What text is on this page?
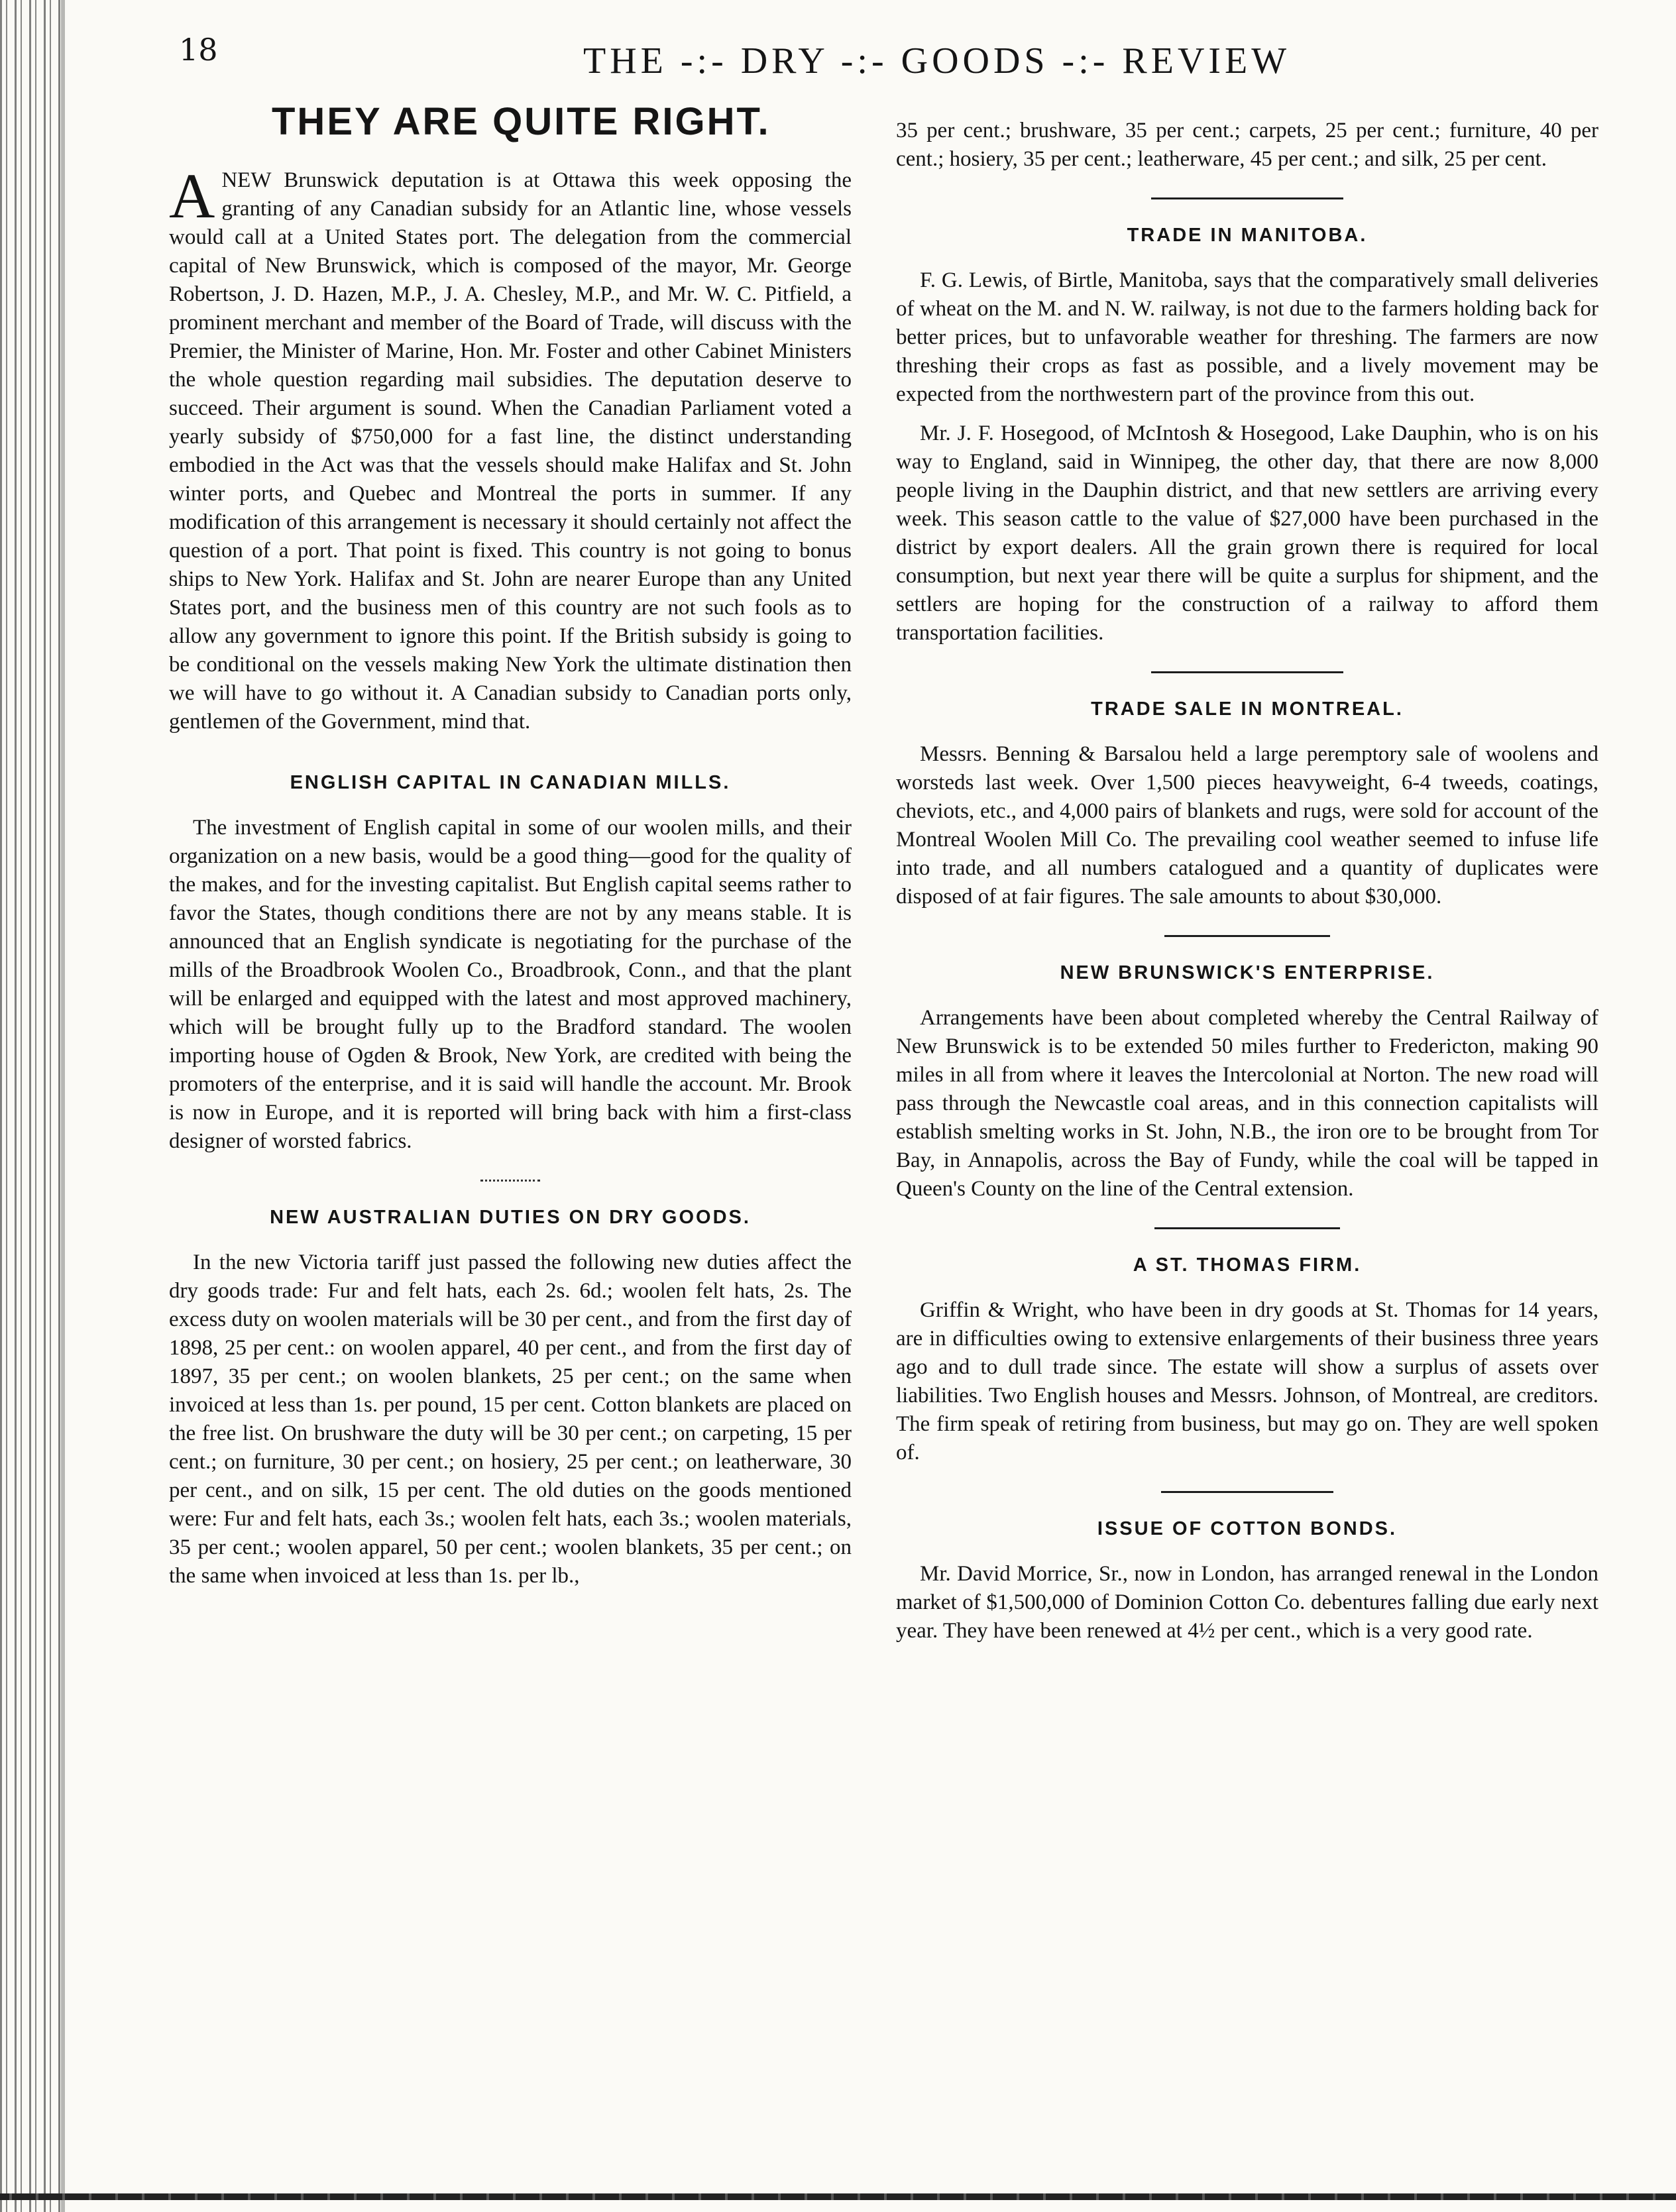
18	THE -:- DRY -:- GOODS -:- REVIEW
THEY ARE QUITE RIGHT.

A NEW Brunswick deputation is at Ottawa this week opposing the granting of any Canadian subsidy for an Atlantic line, whose vessels would call at a United States port. The delegation from the commercial capital of New Brunswick, which is composed of the mayor, Mr. George Robertson, J. D. Hazen, M.P., J. A. Chesley, M.P., and Mr. W. C. Pitfield, a prominent merchant and member of the Board of Trade, will discuss with the Premier, the Minister of Marine, Hon. Mr. Foster and other Cabinet Ministers the whole question regarding mail subsidies. The deputation deserve to succeed. Their argument is sound. When the Canadian Parliament voted a yearly subsidy of $750,000 for a fast line, the distinct understanding embodied in the Act was that the vessels should make Halifax and St. John winter ports, and Quebec and Montreal the ports in summer. If any modification of this arrangement is necessary it should certainly not affect the question of a port. That point is fixed. This country is not going to bonus ships to New York. Halifax and St. John are nearer Europe than any United States port, and the business men of this country are not such fools as to allow any government to ignore this point. If the British subsidy is going to be conditional on the vessels making New York the ultimate distination then we will have to go without it. A Canadian subsidy to Canadian ports only, gentlemen of the Government, mind that.

ENGLISH CAPITAL IN CANADIAN MILLS.

The investment of English capital in some of our woolen mills, and their organization on a new basis, would be a good thing—good for the quality of the makes, and for the investing capitalist. But English capital seems rather to favor the States, though conditions there are not by any means stable. It is announced that an English syndicate is negotiating for the purchase of the mills of the Broadbrook Woolen Co., Broadbrook, Conn., and that the plant will be enlarged and equipped with the latest and most approved machinery, which will be brought fully up to the Bradford standard. The woolen importing house of Ogden & Brook, New York, are credited with being the promoters of the enterprise, and it is said will handle the account. Mr. Brook is now in Europe, and it is reported will bring back with him a first-class designer of worsted fabrics.

NEW AUSTRALIAN DUTIES ON DRY GOODS.

In the new Victoria tariff just passed the following new duties affect the dry goods trade: Fur and felt hats, each 2s. 6d.; woolen felt hats, 2s. The excess duty on woolen materials will be 30 per cent., and from the first day of 1898, 25 per cent.: on woolen apparel, 40 per cent., and from the first day of 1897, 35 per cent.; on woolen blankets, 25 per cent.; on the same when invoiced at less than 1s. per pound, 15 per cent. Cotton blankets are placed on the free list. On brushware the duty will be 30 per cent.; on carpeting, 15 per cent.; on furniture, 30 per cent.; on hosiery, 25 per cent.; on leatherware, 30 per cent., and on silk, 15 per cent. The old duties on the goods mentioned were: Fur and felt hats, each 3s.; woolen felt hats, each 3s.; woolen materials, 35 per cent.; woolen apparel, 50 per cent.; woolen blankets, 35 per cent.; on the same when invoiced at less than 1s. per lb.,

35 per cent.; brushware, 35 per cent.; carpets, 25 per cent.; furniture, 40 per cent.; hosiery, 35 per cent.; leatherware, 45 per cent.; and silk, 25 per cent.

TRADE IN MANITOBA.

F. G. Lewis, of Birtle, Manitoba, says that the comparatively small deliveries of wheat on the M. and N. W. railway, is not due to the farmers holding back for better prices, but to unfavorable weather for threshing. The farmers are now threshing their crops as fast as possible, and a lively movement may be expected from the northwestern part of the province from this out.

Mr. J. F. Hosegood, of McIntosh & Hosegood, Lake Dauphin, who is on his way to England, said in Winnipeg, the other day, that there are now 8,000 people living in the Dauphin district, and that new settlers are arriving every week. This season cattle to the value of $27,000 have been purchased in the district by export dealers. All the grain grown there is required for local consumption, but next year there will be quite a surplus for shipment, and the settlers are hoping for the construction of a railway to afford them transportation facilities.

TRADE SALE IN MONTREAL.

Messrs. Benning & Barsalou held a large peremptory sale of woolens and worsteds last week. Over 1,500 pieces heavyweight, 6-4 tweeds, coatings, cheviots, etc., and 4,000 pairs of blankets and rugs, were sold for account of the Montreal Woolen Mill Co. The prevailing cool weather seemed to infuse life into trade, and all numbers catalogued and a quantity of duplicates were disposed of at fair figures. The sale amounts to about $30,000.

NEW BRUNSWICK'S ENTERPRISE.

Arrangements have been about completed whereby the Central Railway of New Brunswick is to be extended 50 miles further to Fredericton, making 90 miles in all from where it leaves the Intercolonial at Norton. The new road will pass through the Newcastle coal areas, and in this connection capitalists will establish smelting works in St. John, N.B., the iron ore to be brought from Tor Bay, in Annapolis, across the Bay of Fundy, while the coal will be tapped in Queen's County on the line of the Central extension.

A ST. THOMAS FIRM.

Griffin & Wright, who have been in dry goods at St. Thomas for 14 years, are in difficulties owing to extensive enlargements of their business three years ago and to dull trade since. The estate will show a surplus of assets over liabilities. Two English houses and Messrs. Johnson, of Montreal, are creditors. The firm speak of retiring from business, but may go on. They are well spoken of.

ISSUE OF COTTON BONDS.

Mr. David Morrice, Sr., now in London, has arranged renewal in the London market of $1,500,000 of Dominion Cotton Co. debentures falling due early next year. They have been renewed at 4½ per cent., which is a very good rate.
